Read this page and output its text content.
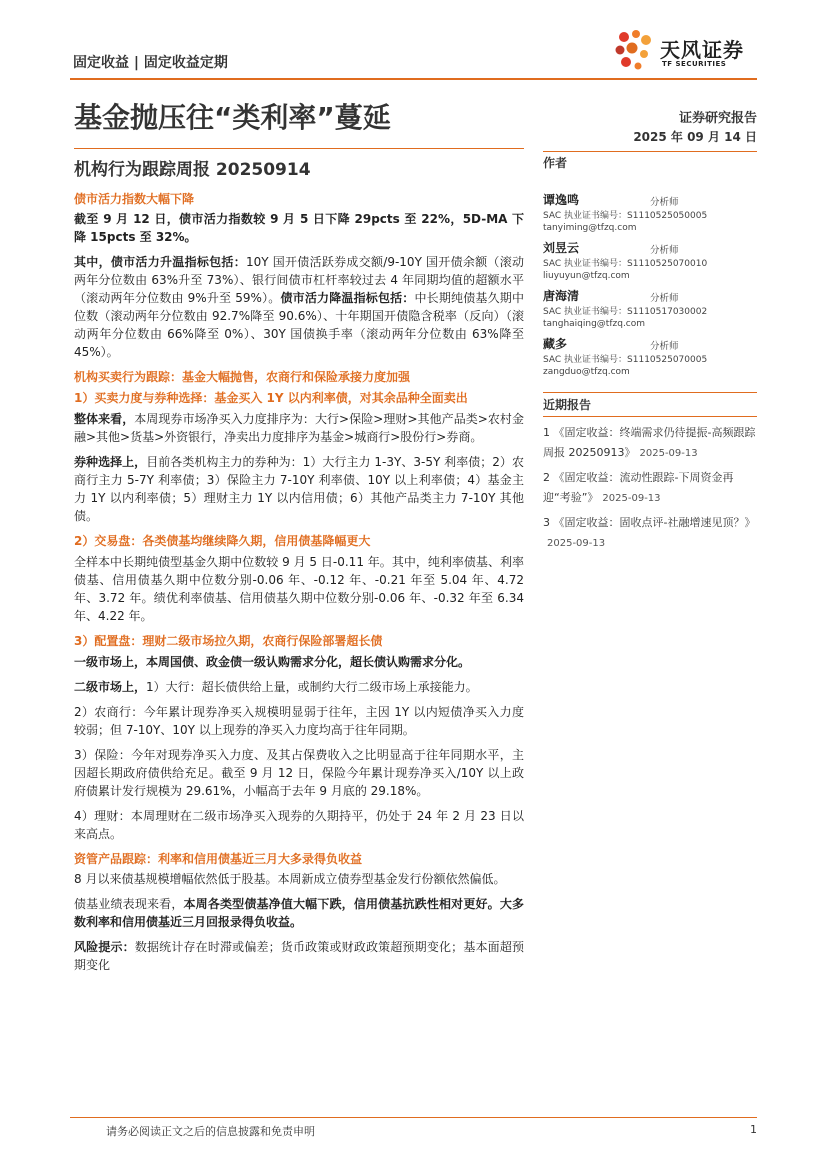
固定收益 | 固定收益定期
天风证券
TF SECURITIES
基金抛压往“类利率”蔓延	证券研究报告
2025 年 09 月 14 日
机构行为跟踪周报 20250914	作者
谭逸鸣	分析师
SAC 执业证书编号：S1110525050005
tanyiming@tfzq.com
刘昱云	分析师
SAC 执业证书编号：S1110525070010
liuyuyun@tfzq.com
唐海清	分析师
SAC 执业证书编号：S1110517030002
tanghaiqing@tfzq.com
藏多	分析师
SAC 执业证书编号：S1110525070005
zangduo@tfzq.com
近期报告
1 《固定收益：终端需求仍待提振-高频跟踪周报 20250913》 2025-09-13
2 《固定收益：流动性跟踪-下周资金再迎“考验”》 2025-09-13
3 《固定收益：固收点评-社融增速见顶？》2025-09-13
债市活力指数大幅下降

截至 9 月 12 日，债市活力指数较 9 月 5 日下降 29pcts 至 22%，5D-MA 下降 15pcts 至 32%。

其中，债市活力升温指标包括：10Y 国开债活跃券成交额/9-10Y 国开债余额（滚动两年分位数由 63%升至 73%）、银行间债市杠杆率较过去 4 年同期均值的超额水平（滚动两年分位数由 9%升至 59%）。债市活力降温指标包括：中长期纯债基久期中位数（滚动两年分位数由 92.7%降至 90.6%）、十年期国开债隐含税率（反向）（滚动两年分位数由 66%降至 0%）、30Y 国债换手率（滚动两年分位数由 63%降至 45%）。

机构买卖行为跟踪：基金大幅抛售，农商行和保险承接力度加强
1）买卖力度与券种选择：基金买入 1Y 以内利率债，对其余品种全面卖出

整体来看，本周现券市场净买入力度排序为：大行>保险>理财>其他产品类>农村金融>其他>货基>外资银行，净卖出力度排序为基金>城商行>股份行>券商。

券种选择上，目前各类机构主力的券种为：1）大行主力 1-3Y、3-5Y 利率债；2）农商行主力 5-7Y 利率债；3）保险主力 7-10Y 利率债、10Y 以上利率债；4）基金主力 1Y 以内利率债；5）理财主力 1Y 以内信用债；6）其他产品类主力 7-10Y 其他债。

2）交易盘：各类债基均继续降久期，信用债基降幅更大

全样本中长期纯债型基金久期中位数较 9 月 5 日-0.11 年。其中，纯利率债基、利率债基、信用债基久期中位数分别-0.06 年、-0.12 年、-0.21 年至 5.04 年、4.72 年、3.72 年。绩优利率债基、信用债基久期中位数分别-0.06 年、-0.32 年至 6.34 年、4.22 年。

3）配置盘：理财二级市场拉久期，农商行保险部署超长债

一级市场上，本周国债、政金债一级认购需求分化，超长债认购需求分化。

二级市场上，1）大行：超长债供给上量，或制约大行二级市场上承接能力。

2）农商行：今年累计现券净买入规模明显弱于往年，主因 1Y 以内短债净买入力度较弱；但 7-10Y、10Y 以上现券的净买入力度均高于往年同期。

3）保险：今年对现券净买入力度、及其占保费收入之比明显高于往年同期水平，主因超长期政府债供给充足。截至 9 月 12 日，保险今年累计现券净买入/10Y 以上政府债累计发行规模为 29.61%，小幅高于去年 9 月底的 29.18%。

4）理财：本周理财在二级市场净买入现券的久期持平，仍处于 24 年 2 月 23 日以来高点。

资管产品跟踪：利率和信用债基近三月大多录得负收益

8 月以来债基规模增幅依然低于股基。本周新成立债券型基金发行份额依然偏低。

债基业绩表现来看，本周各类型债基净值大幅下跌，信用债基抗跌性相对更好。大多数利率和信用债基近三月回报录得负收益。

风险提示：数据统计存在时滞或偏差；货币政策或财政政策超预期变化；基本面超预期变化

请务必阅读正文之后的信息披露和免责申明	1
